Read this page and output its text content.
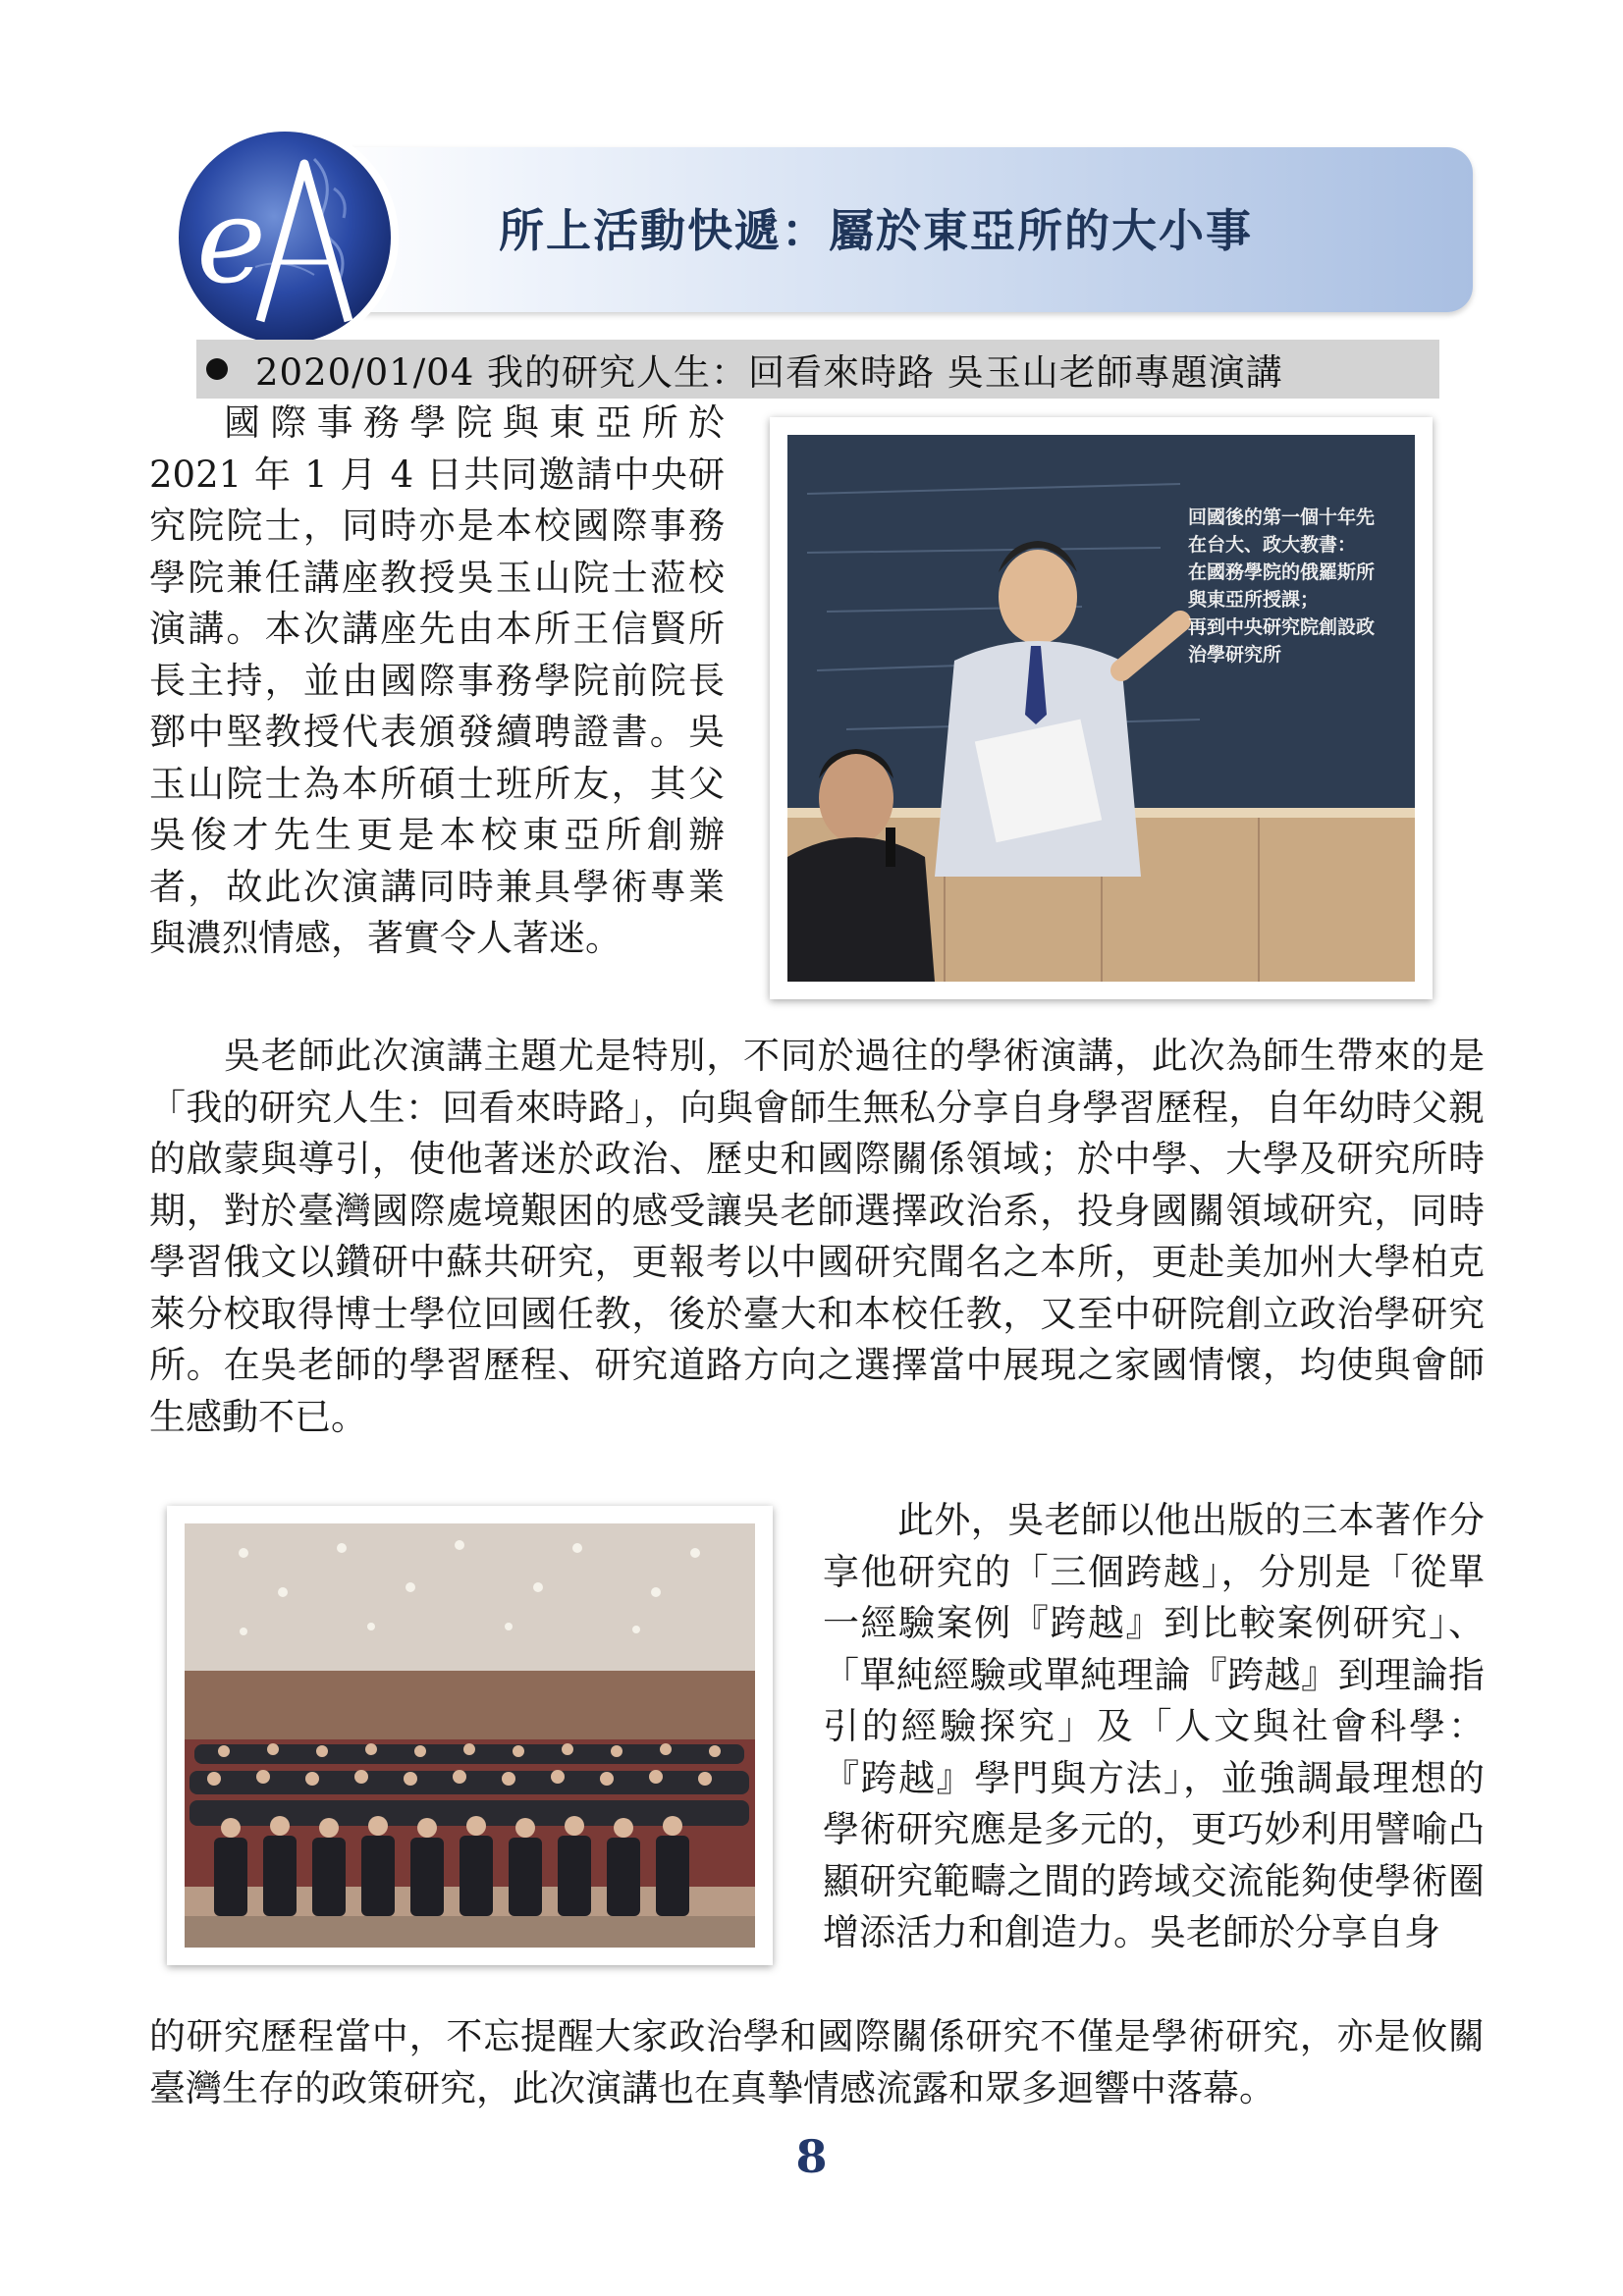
所上活動快遞：屬於東亞所的大小事
e
2020/01/04 我的研究人生：回看來時路 吳玉山老師專題演講

國際事務學院與東亞所於 2021 年 1 月 4 日共同邀請中央研究院院士，同時亦是本校國際事務學院兼任講座教授吳玉山院士蒞校演講。本次講座先由本所王信賢所長主持，並由國際事務學院前院長鄧中堅教授代表頒發續聘證書。吳玉山院士為本所碩士班所友，其父吳俊才先生更是本校東亞所創辦者，故此次演講同時兼具學術專業與濃烈情感，著實令人著迷。

回國後的第一個十年先
在台大、政大教書：
在國務學院的俄羅斯所
與東亞所授課；
再到中央研究院創設政
治學研究所

吳老師此次演講主題尤是特別，不同於過往的學術演講，此次為師生帶來的是「我的研究人生：回看來時路」，向與會師生無私分享自身學習歷程，自年幼時父親的啟蒙與導引，使他著迷於政治、歷史和國際關係領域；於中學、大學及研究所時期，對於臺灣國際處境艱困的感受讓吳老師選擇政治系，投身國關領域研究，同時學習俄文以鑽研中蘇共研究，更報考以中國研究聞名之本所，更赴美加州大學柏克萊分校取得博士學位回國任教，後於臺大和本校任教，又至中研院創立政治學研究所。在吳老師的學習歷程、研究道路方向之選擇當中展現之家國情懷，均使與會師生感動不已。

此外，吳老師以他出版的三本著作分享他研究的「三個跨越」，分別是「從單一經驗案例『跨越』到比較案例研究」、「單純經驗或單純理論『跨越』到理論指引的經驗探究」及「人文與社會科學：『跨越』學門與方法」，並強調最理想的學術研究應是多元的，更巧妙利用譬喻凸顯研究範疇之間的跨域交流能夠使學術圈增添活力和創造力。吳老師於分享自身

的研究歷程當中，不忘提醒大家政治學和國際關係研究不僅是學術研究，亦是攸關臺灣生存的政策研究，此次演講也在真摯情感流露和眾多迴響中落幕。

8
